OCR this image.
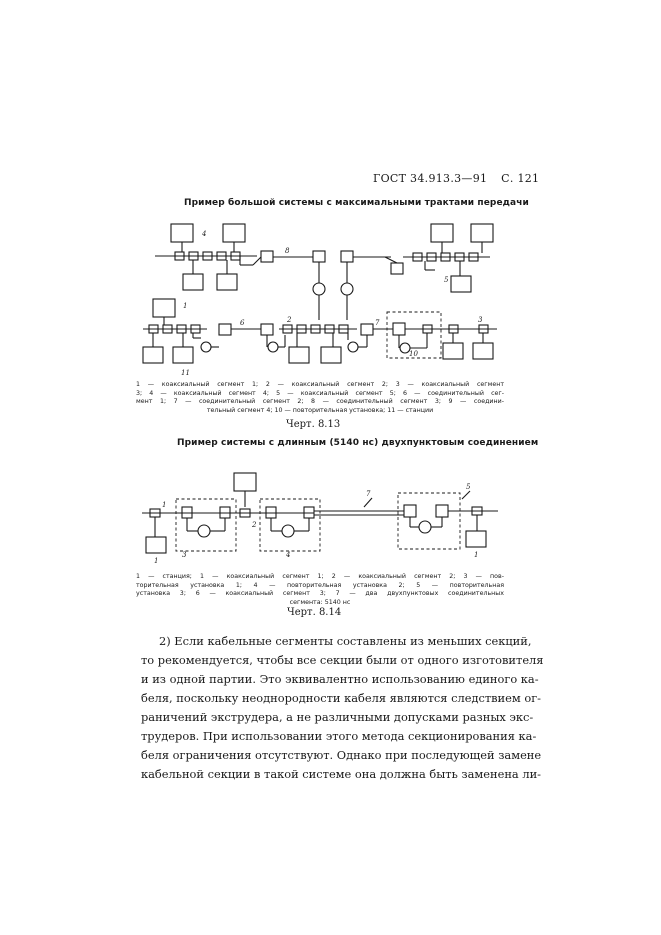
ГОСТ 34.913.3—91 С. 121
Пример большой системы с максимальными трактами передачи
4
8
5
1
11
6	2	7
10
3
1 — коаксиальный сегмент 1; 2 — коаксиальный сегмент 2; 3 — коаксиальный сегмент
3; 4 — коаксиальный сегмент 4; 5 — коаксиальный сегмент 5; 6 — соединительный сег-
мент 1; 7 — соединительный сегмент 2; 8 — соединительный сегмент 3; 9 — соедини-
тельный сегмент 4; 10 — повторительная установка; 11 — станции
Черт. 8.13
Пример системы с длинным (5140 нс) двухпунктовым соединением
1
1
3
2
4
7
5
1
1 — станция; 1 — коаксиальный сегмент 1; 2 — коаксиальный сегмент 2; 3 — пов-
торительная установка 1; 4 — повторительная установка 2; 5 — повторительная
установка 3; 6 — коаксиальный сегмент 3; 7 — два двухпунктовых соединительных
сегмента: 5140 нс
Черт. 8.14
2) Если кабельные сегменты составлены из меньших секций,
то рекомендуется, чтобы все секции были от одного изготовителя
и из одной партии. Это эквивалентно использованию единого ка-
беля, поскольку неоднородности кабеля являются следствием ог-
раничений экструдера, а не различными допусками разных экс-
трудеров. При использовании этого метода секционирования ка-
беля ограничения отсутствуют. Однако при последующей замене
кабельной секции в такой системе она должна быть заменена ли-
